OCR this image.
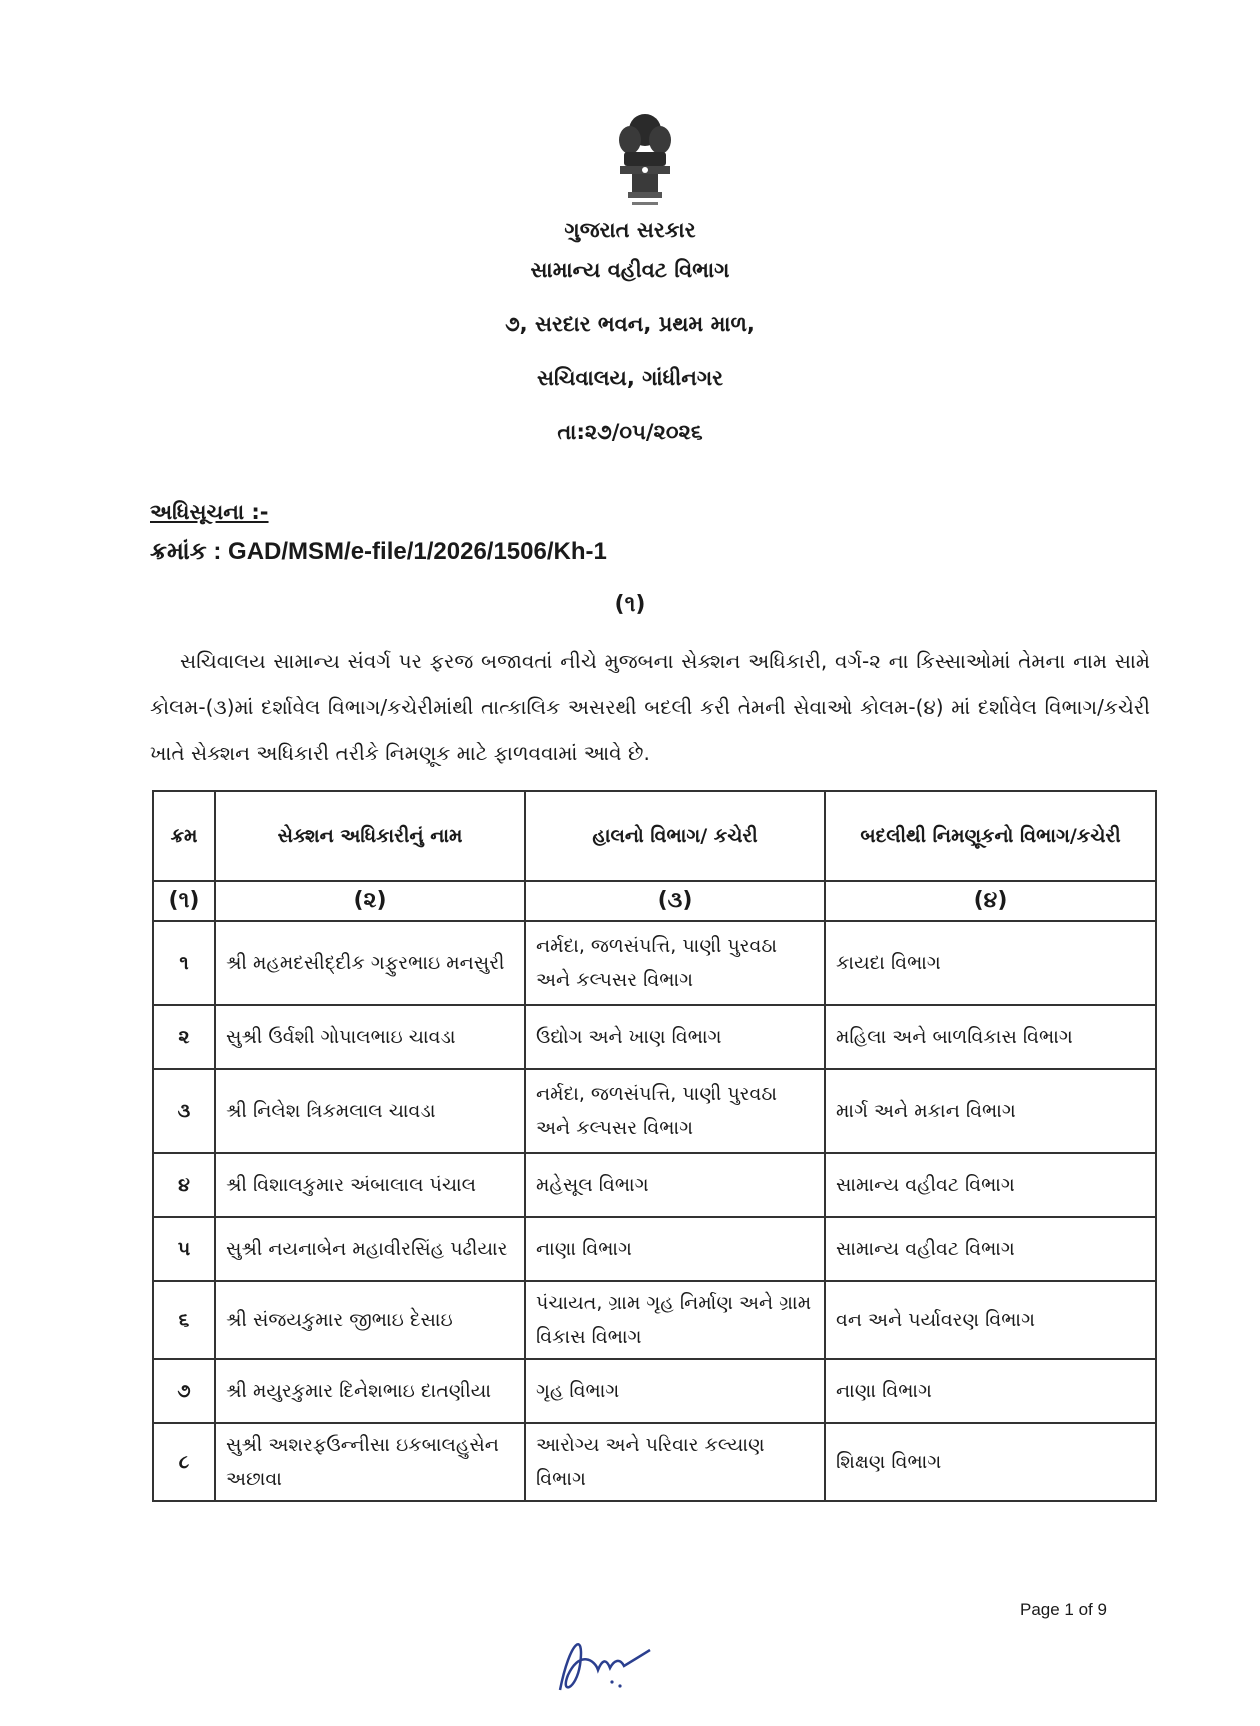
ગુજરાત સરકાર
સામાન્ય વહીવટ વિભાગ
૭, સરદાર ભવન, પ્રથમ માળ,
સચિવાલય, ગાંધીનગર
તા:૨૭/૦૫/૨૦૨૬
અધિસૂચના :-
ક્રમાંક : GAD/MSM/e-file/1/2026/1506/Kh-1
(૧)
સચિવાલય સામાન્ય સંવર્ગ પર ફરજ બજાવતાં નીચે મુજબના સેક્શન અધિકારી, વર્ગ-૨ ના કિસ્સાઓમાં તેમના નામ સામે કોલમ-(૩)માં દર્શાવેલ વિભાગ/કચેરીમાંથી તાત્કાલિક અસરથી બદલી કરી તેમની સેવાઓ કોલમ-(૪) માં દર્શાવેલ વિભાગ/કચેરી ખાતે સેક્શન અધિકારી તરીકે નિમણૂક માટે ફાળવવામાં આવે છે.
ક્રમ	સેક્શન અધિકારીનું નામ	હાલનો વિભાગ/ કચેરી	બદલીથી નિમણૂકનો વિભાગ/કચેરી
(૧)	(૨)	(૩)	(૪)
૧	શ્રી મહમદસીદ્દીક ગફુરભાઇ મનસુરી	નર્મદા, જળસંપત્તિ, પાણી પુરવઠા અને કલ્પસર વિભાગ	કાયદા વિભાગ
૨	સુશ્રી ઉર્વશી ગોપાલભાઇ ચાવડા	ઉદ્યોગ અને ખાણ વિભાગ	મહિલા અને બાળવિકાસ વિભાગ
૩	શ્રી નિલેશ ત્રિકમલાલ ચાવડા	નર્મદા, જળસંપત્તિ, પાણી પુરવઠા અને કલ્પસર વિભાગ	માર્ગ અને મકાન વિભાગ
૪	શ્રી વિશાલકુમાર અંબાલાલ પંચાલ	મહેસૂલ વિભાગ	સામાન્ય વહીવટ વિભાગ
૫	સુશ્રી નયનાબેન મહાવીરસિંહ પઢીયાર	નાણા વિભાગ	સામાન્ય વહીવટ વિભાગ
૬	શ્રી સંજયકુમાર જીભાઇ દેસાઇ	પંચાયત, ગ્રામ ગૃહ નિર્માણ અને ગ્રામ વિકાસ વિભાગ	વન અને પર્યાવરણ વિભાગ
૭	શ્રી મયુરકુમાર દિનેશભાઇ દાતણીયા	ગૃહ વિભાગ	નાણા વિભાગ
૮	સુશ્રી અશરફઉન્નીસા ઇકબાલહુસેન અછાવા	આરોગ્ય અને પરિવાર કલ્યાણ વિભાગ	શિક્ષણ વિભાગ
Page 1 of 9
